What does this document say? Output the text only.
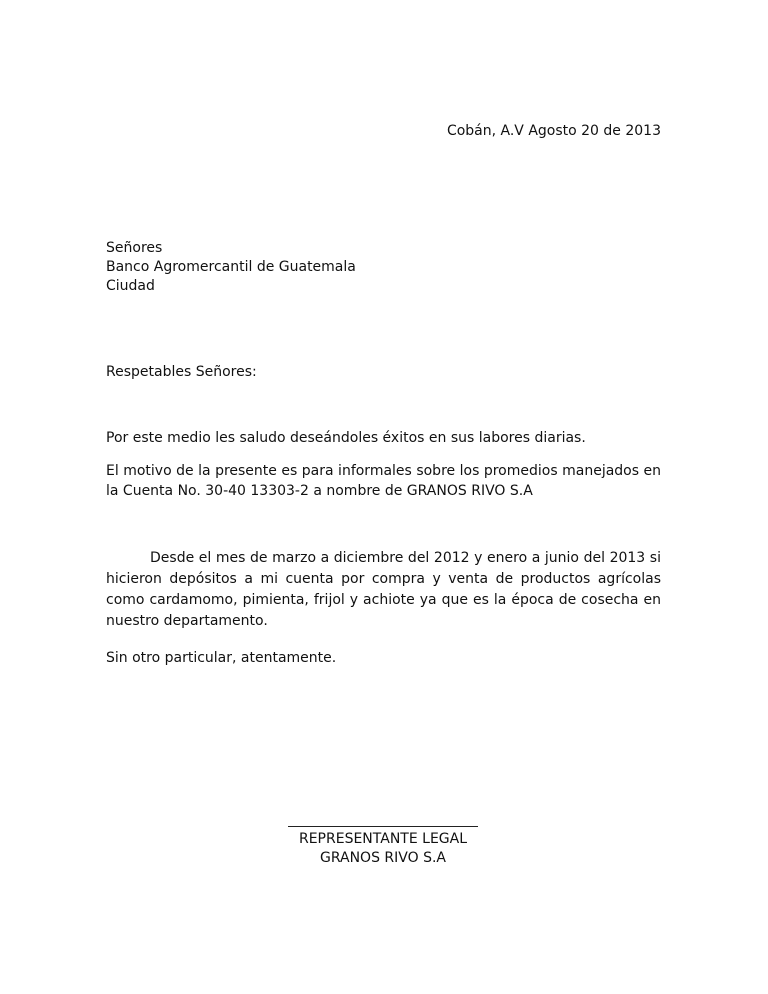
Cobán, A.V Agosto 20 de 2013

Señores
Banco Agromercantil de Guatemala
Ciudad

Respetables Señores:

Por este medio les saludo deseándoles éxitos en sus labores diarias.

El motivo de la presente es para informales sobre los promedios manejados en la Cuenta No. 30-40 13303-2 a nombre de GRANOS RIVO S.A

Desde el mes de marzo a diciembre del 2012 y enero a junio del 2013 si hicieron depósitos a mi cuenta por compra y venta de productos agrícolas como cardamomo, pimienta, frijol y achiote ya que es la época de cosecha en nuestro departamento.

Sin otro particular, atentamente.

REPRESENTANTE LEGAL
GRANOS RIVO S.A
